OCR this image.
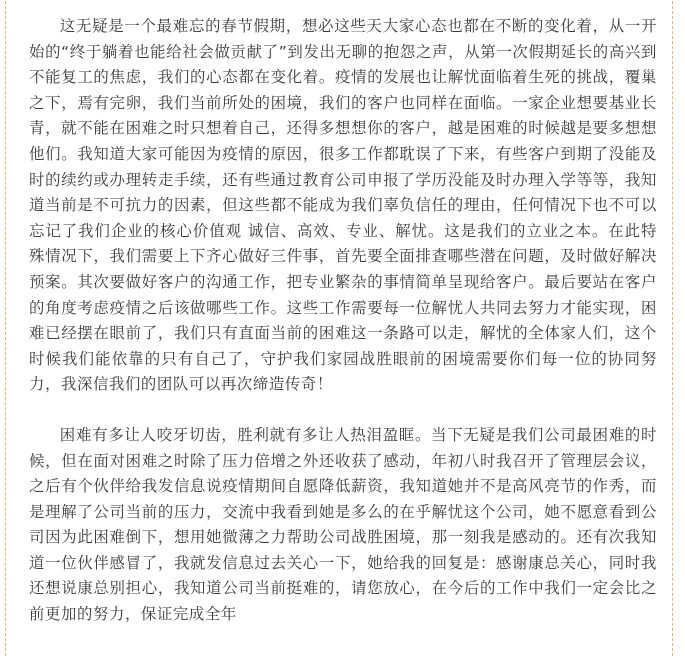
这无疑是一个最难忘的春节假期，想必这些天大家心态也都在不断的变化着，从一开始的“终于躺着也能给社会做贡献了”到发出无聊的抱怨之声，从第一次假期延长的高兴到不能复工的焦虑，我们的心态都在变化着。疫情的发展也让解忧面临着生死的挑战，覆巢之下，焉有完卵，我们当前所处的困境，我们的客户也同样在面临。一家企业想要基业长青，就不能在困难之时只想着自己，还得多想想你的客户，越是困难的时候越是要多想想他们。我知道大家可能因为疫情的原因，很多工作都耽误了下来，有些客户到期了没能及时的续约或办理转走手续，还有些通过教育公司申报了学历没能及时办理入学等等，我知道当前是不可抗力的因素，但这些都不能成为我们辜负信任的理由，任何情况下也不可以忘记了我们企业的核心价值观 诚信、高效、专业、解忧。这是我们的立业之本。在此特殊情况下，我们需要上下齐心做好三件事，首先要全面排查哪些潜在问题，及时做好解决预案。其次要做好客户的沟通工作，把专业繁杂的事情简单呈现给客户。最后要站在客户的角度考虑疫情之后该做哪些工作。这些工作需要每一位解忧人共同去努力才能实现，困难已经摆在眼前了，我们只有直面当前的困难这一条路可以走，解忧的全体家人们，这个时候我们能依靠的只有自己了，守护我们家园战胜眼前的困境需要你们每一位的协同努力，我深信我们的团队可以再次缔造传奇！

困难有多让人咬牙切齿，胜利就有多让人热泪盈眶。当下无疑是我们公司最困难的时候，但在面对困难之时除了压力倍增之外还收获了感动，年初八时我召开了管理层会议，之后有个伙伴给我发信息说疫情期间自愿降低薪资，我知道她并不是高风亮节的作秀，而是理解了公司当前的压力，交流中我看到她是多么的在乎解忧这个公司，她不愿意看到公司因为此困难倒下，想用她微薄之力帮助公司战胜困境，那一刻我是感动的。还有次我知道一位伙伴感冒了，我就发信息过去关心一下，她给我的回复是：感谢康总关心，同时我还想说康总别担心，我知道公司当前挺难的，请您放心，在今后的工作中我们一定会比之前更加的努力，保证完成全年
